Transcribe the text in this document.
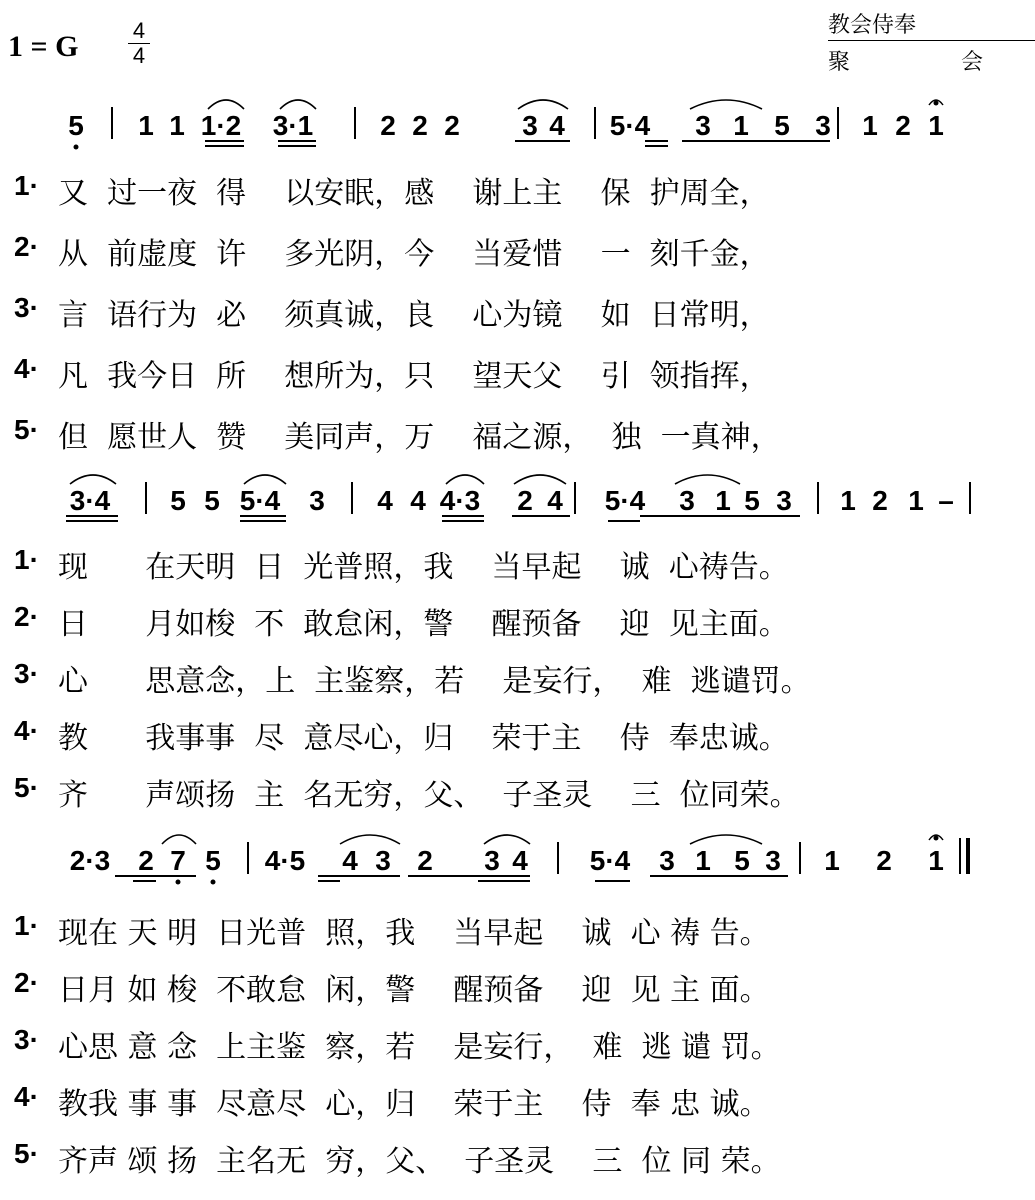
1 = G 4
4
教会侍奉
聚 会
5 1 1 1·2 3·1 2 2 2 3 4 5·4 3 1 5 3 1 2 1
3·4 5 5 5·4 3 4 4 4·3 2 4 5·4 3 1 5 3 1 2 1 –
2·3 2 7 5 4·5 4 3 2 3 4 5·4 3 1 5 3 1 2 1
1· 又  过一夜  得    以安眠，感    谢上主    保  护周全，
2· 从  前虚度  许    多光阴，今    当爱惜    一  刻千金，
3· 言  语行为  必    须真诚，良    心为镜    如  日常明，
4· 凡  我今日  所    想所为，只    望天父    引  领指挥，
5· 但  愿世人  赞    美同声，万    福之源，  独  一真神，
1· 现      在天明  日  光普照，我    当早起    诚  心祷告。
2· 日      月如梭  不  敢怠闲，警    醒预备    迎  见主面。
3· 心      思意念，上  主鉴察，若    是妄行，  难  逃谴罚。
4· 教      我事事  尽  意尽心，归    荣于主    侍  奉忠诚。
5· 齐      声颂扬  主  名无穷，父、  子圣灵    三  位同荣。
1· 现在 天 明  日光普  照，我    当早起    诚  心 祷 告。
2· 日月 如 梭  不敢怠  闲，警    醒预备    迎  见 主 面。
3· 心思 意 念  上主鉴  察，若    是妄行，  难  逃 谴 罚。
4· 教我 事 事  尽意尽  心，归    荣于主    侍  奉 忠 诚。
5· 齐声 颂 扬  主名无  穷，父、  子圣灵    三  位 同 荣。
